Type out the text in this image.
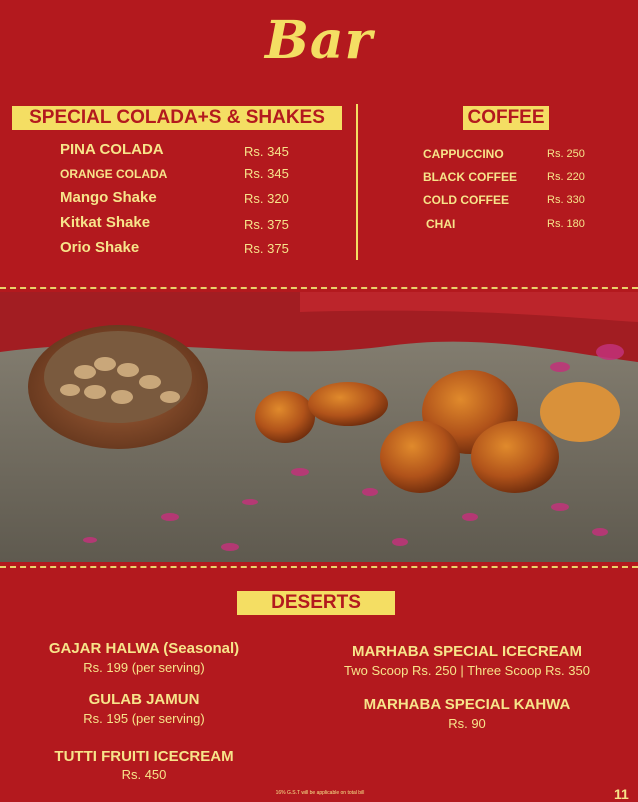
Bar
SPECIAL COLADA+S & SHAKES	COFFEE
PINA COLADA	Rs. 345
ORANGE COLADA	Rs. 345
Mango Shake	Rs. 320
Kitkat Shake	Rs. 375
Orio Shake	Rs. 375
CAPPUCCINO	Rs. 250
BLACK COFFEE	Rs. 220
COLD COFFEE	Rs. 330
CHAI	Rs. 180
DESERTS
GAJAR HALWA (Seasonal)
Rs. 199 (per serving)
GULAB JAMUN
Rs. 195 (per serving)
TUTTI FRUITI ICECREAM
Rs. 450
MARHABA SPECIAL ICECREAM
Two Scoop Rs. 250 | Three Scoop Rs. 350
MARHABA SPECIAL KAHWA
Rs. 90
16% G.S.T will be applicable on total bill	11
